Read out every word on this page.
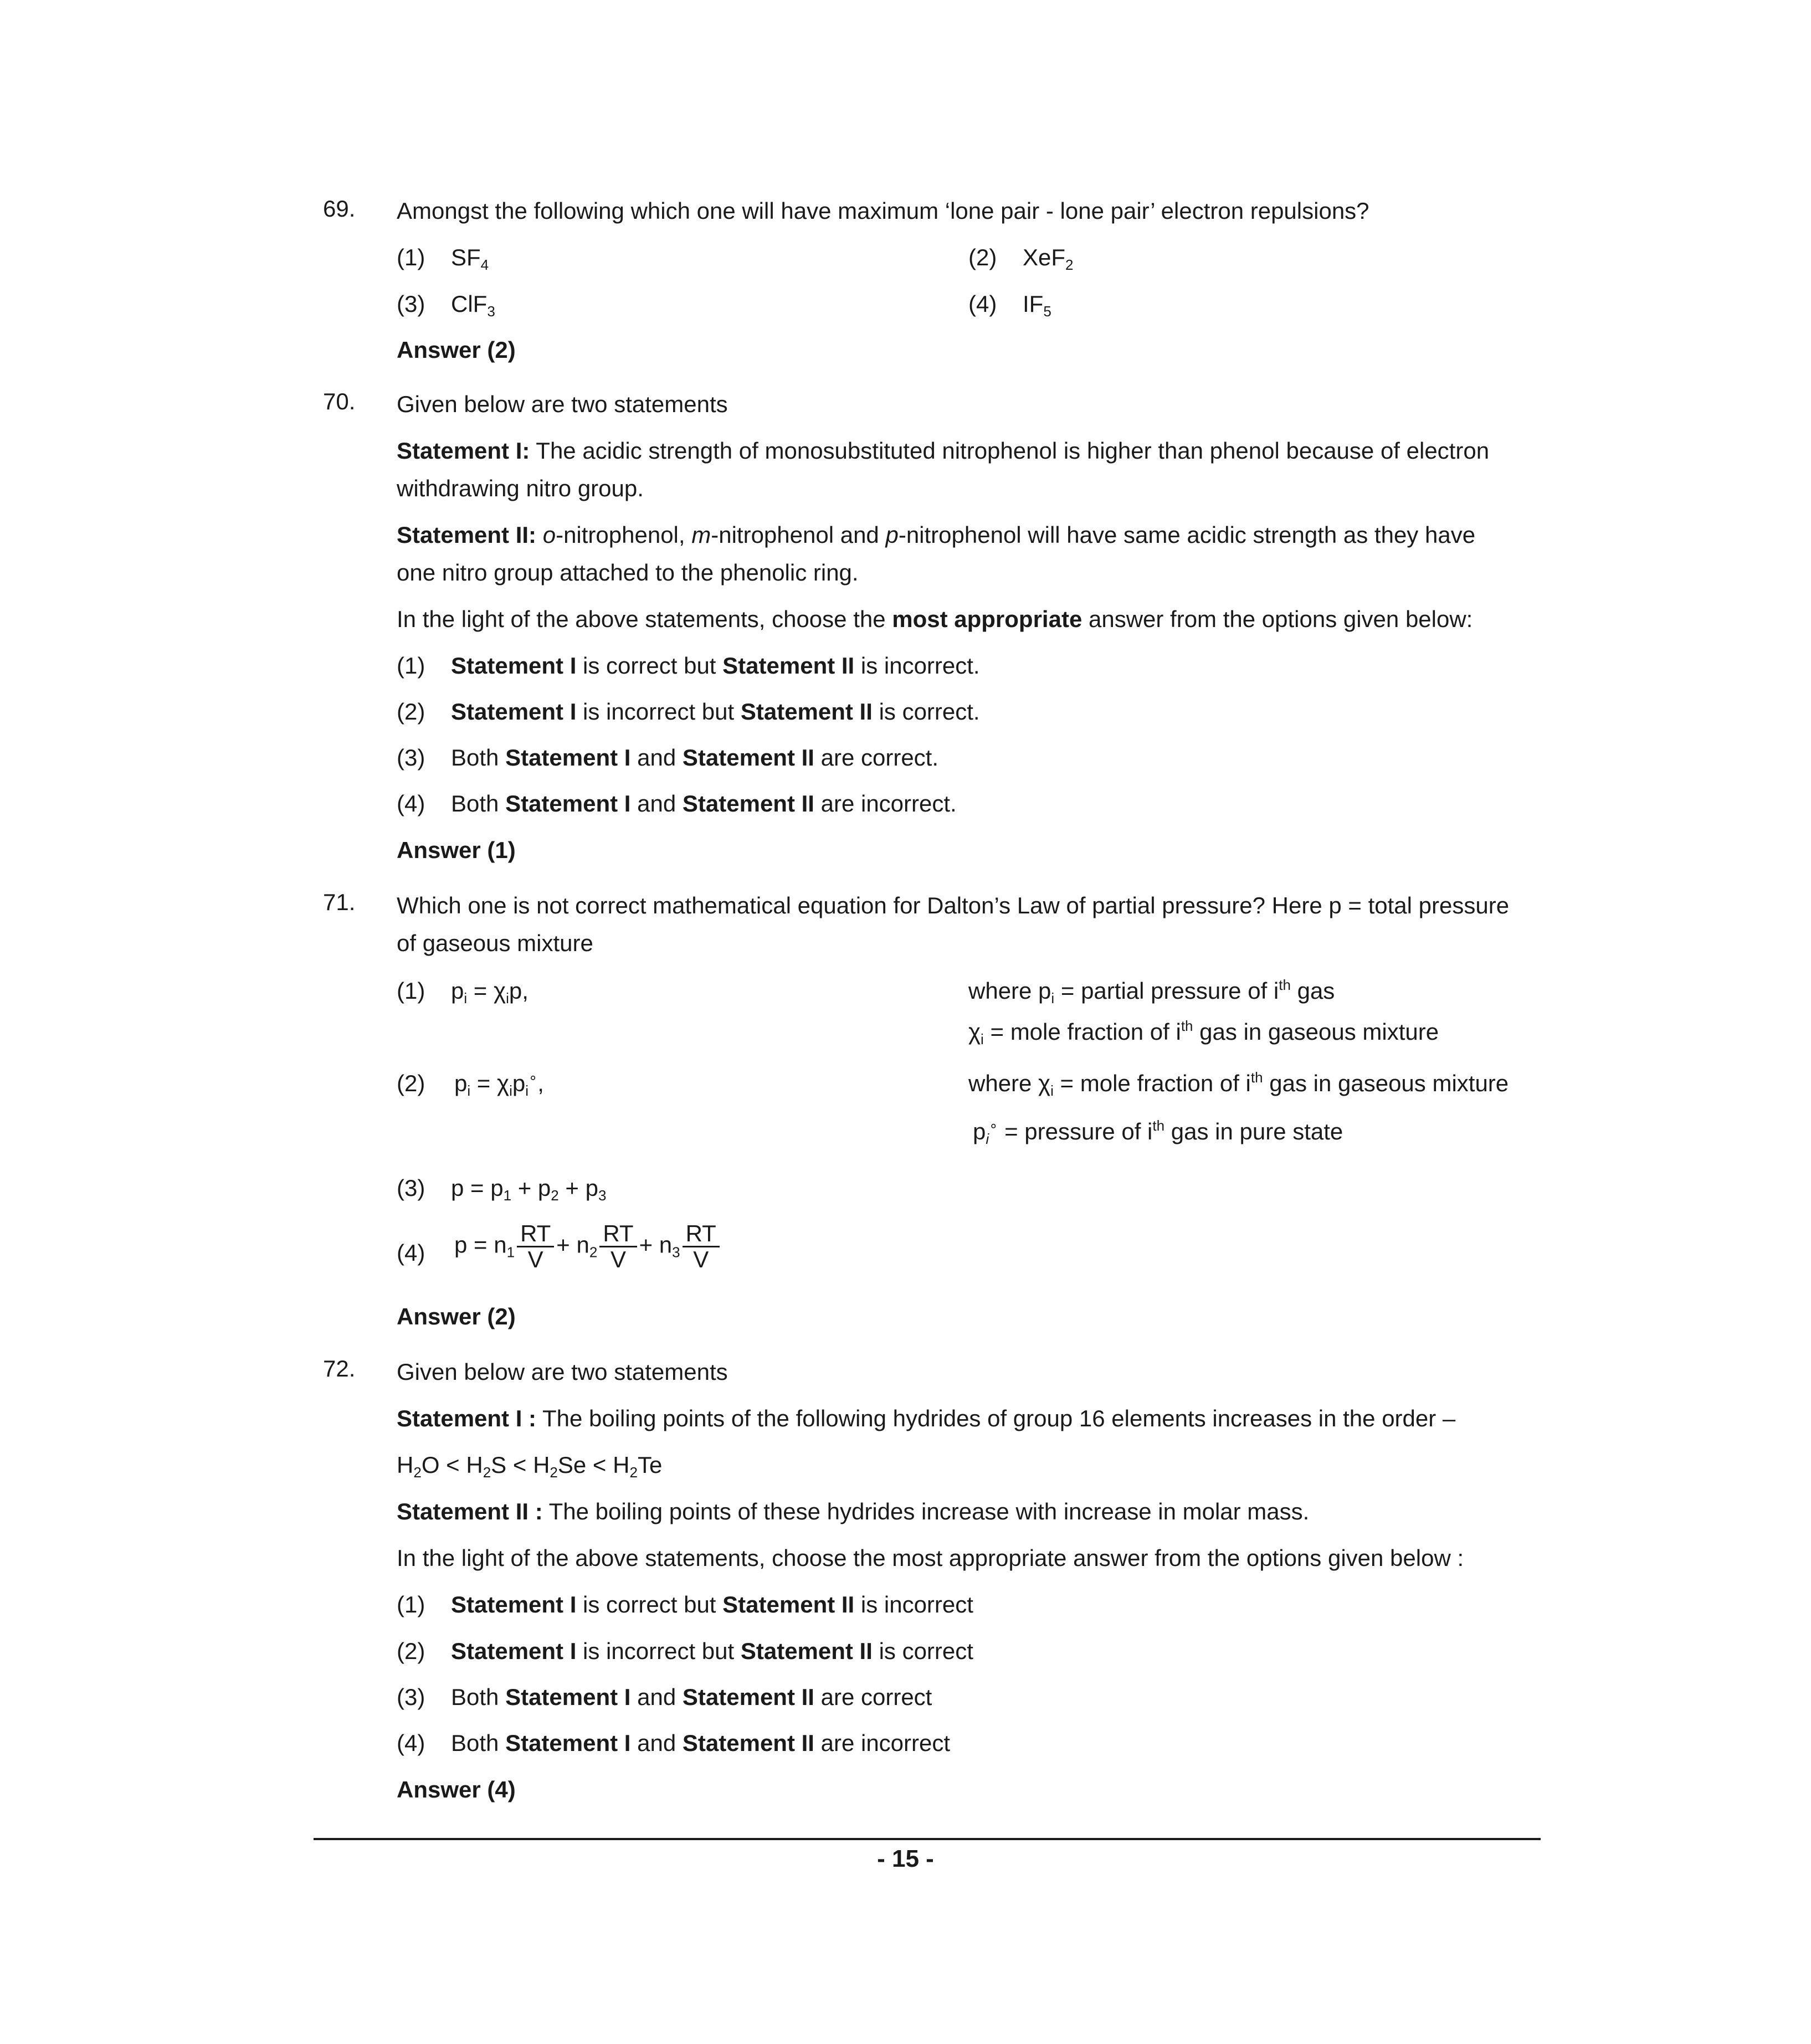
69. Amongst the following which one will have maximum ‘lone pair - lone pair’ electron repulsions?
(1) $SF_4$	(2) XeF$_2$
(3) ClF$_3$	(4) $IF_5$
Answer (2)
70. Given below are two statements
Statement I: The acidic strength of monosubstituted nitrophenol is higher than phenol because of electron
withdrawing nitro group.
Statement II: o-nitrophenol, m-nitrophenol and p-nitrophenol will have same acidic strength as they have
one nitro group attached to the phenolic ring.
In the light of the above statements, choose the most appropriate answer from the options given below:
(1) Statement I is correct but Statement II is incorrect.
(2) Statement I is incorrect but Statement II is correct.
(3) Both Statement I and Statement II are correct.
(4) Both Statement I and Statement II are incorrect.
Answer (1)
71. Which one is not correct mathematical equation for Dalton’s Law of partial pressure? Here p = total pressure
of gaseous mixture
(1) $p_i = \chi_ip$,	where $p_i$ = partial pressure of $i^{th}$ gas
$\chi_i$ = mole fraction of $i^{th}$ gas in gaseous mixture
(2) $p_i = \chi_ip_i^\circ$,	where $\chi_i$ = mole fraction of $i^{th}$ gas in gaseous mixture
$p_i^\circ$ = pressure of $i^{th}$ gas in pure state
(3) $p = p_1 + p_2 + p_3$
(4) $p = n_1 \frac{RT}{V} + n_2 \frac{RT}{V} + n_3 \frac{RT}{V}$
Answer (2)
72. Given below are two statements
Statement I : The boiling points of the following hydrides of group 16 elements increases in the order –
$H_2O < H_2S < H_2Se < H_2Te$
Statement II : The boiling points of these hydrides increase with increase in molar mass.
In the light of the above statements, choose the most appropriate answer from the options given below :
(1) Statement I is correct but Statement II is incorrect
(2) Statement I is incorrect but Statement II is correct
(3) Both Statement I and Statement II are correct
(4) Both Statement I and Statement II are incorrect
Answer (4)
- 15 -
